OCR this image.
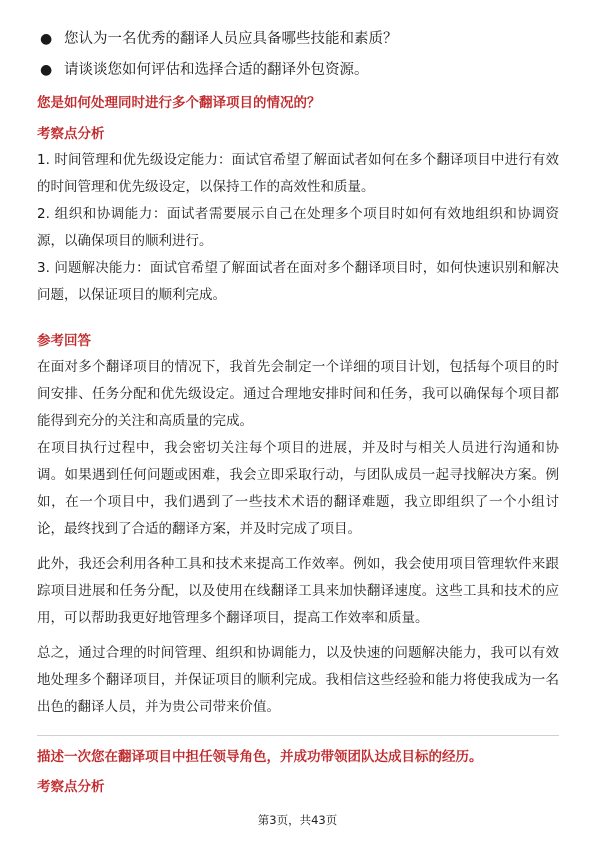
● 您认为一名优秀的翻译人员应具备哪些技能和素质？
● 请谈谈您如何评估和选择合适的翻译外包资源。
您是如何处理同时进行多个翻译项目的情况的？
考察点分析
1. 时间管理和优先级设定能力：面试官希望了解面试者如何在多个翻译项目中进行有效的时间管理和优先级设定，以保持工作的高效性和质量。
2. 组织和协调能力：面试者需要展示自己在处理多个项目时如何有效地组织和协调资源，以确保项目的顺利进行。
3. 问题解决能力：面试官希望了解面试者在面对多个翻译项目时，如何快速识别和解决问题，以保证项目的顺利完成。
参考回答
在面对多个翻译项目的情况下，我首先会制定一个详细的项目计划，包括每个项目的时间安排、任务分配和优先级设定。通过合理地安排时间和任务，我可以确保每个项目都能得到充分的关注和高质量的完成。
在项目执行过程中，我会密切关注每个项目的进展，并及时与相关人员进行沟通和协调。如果遇到任何问题或困难，我会立即采取行动，与团队成员一起寻找解决方案。例如，在一个项目中，我们遇到了一些技术术语的翻译难题，我立即组织了一个小组讨论，最终找到了合适的翻译方案，并及时完成了项目。
此外，我还会利用各种工具和技术来提高工作效率。例如，我会使用项目管理软件来跟踪项目进展和任务分配，以及使用在线翻译工具来加快翻译速度。这些工具和技术的应用，可以帮助我更好地管理多个翻译项目，提高工作效率和质量。
总之，通过合理的时间管理、组织和协调能力，以及快速的问题解决能力，我可以有效地处理多个翻译项目，并保证项目的顺利完成。我相信这些经验和能力将使我成为一名出色的翻译人员，并为贵公司带来价值。
描述一次您在翻译项目中担任领导角色，并成功带领团队达成目标的经历。
考察点分析
第3页，共43页
